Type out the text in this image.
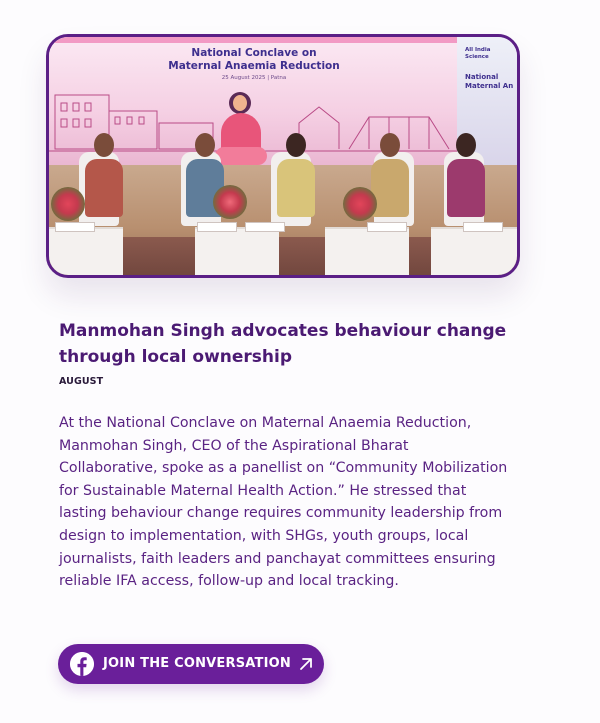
National Conclave on
Maternal Anaemia Reduction
25 August 2025 | Patna
All India
Science
National
Maternal An
Manmohan Singh advocates behaviour change through local ownership
AUGUST

At the National Conclave on Maternal Anaemia Reduction, Manmohan Singh, CEO of the Aspirational Bharat Collaborative, spoke as a panellist on “Community Mobilization for Sustainable Maternal Health Action.” He stressed that lasting behaviour change requires community leadership from design to implementation, with SHGs, youth groups, local journalists, faith leaders and panchayat committees ensuring reliable IFA access, follow-up and local tracking.

JOIN THE CONVERSATION
